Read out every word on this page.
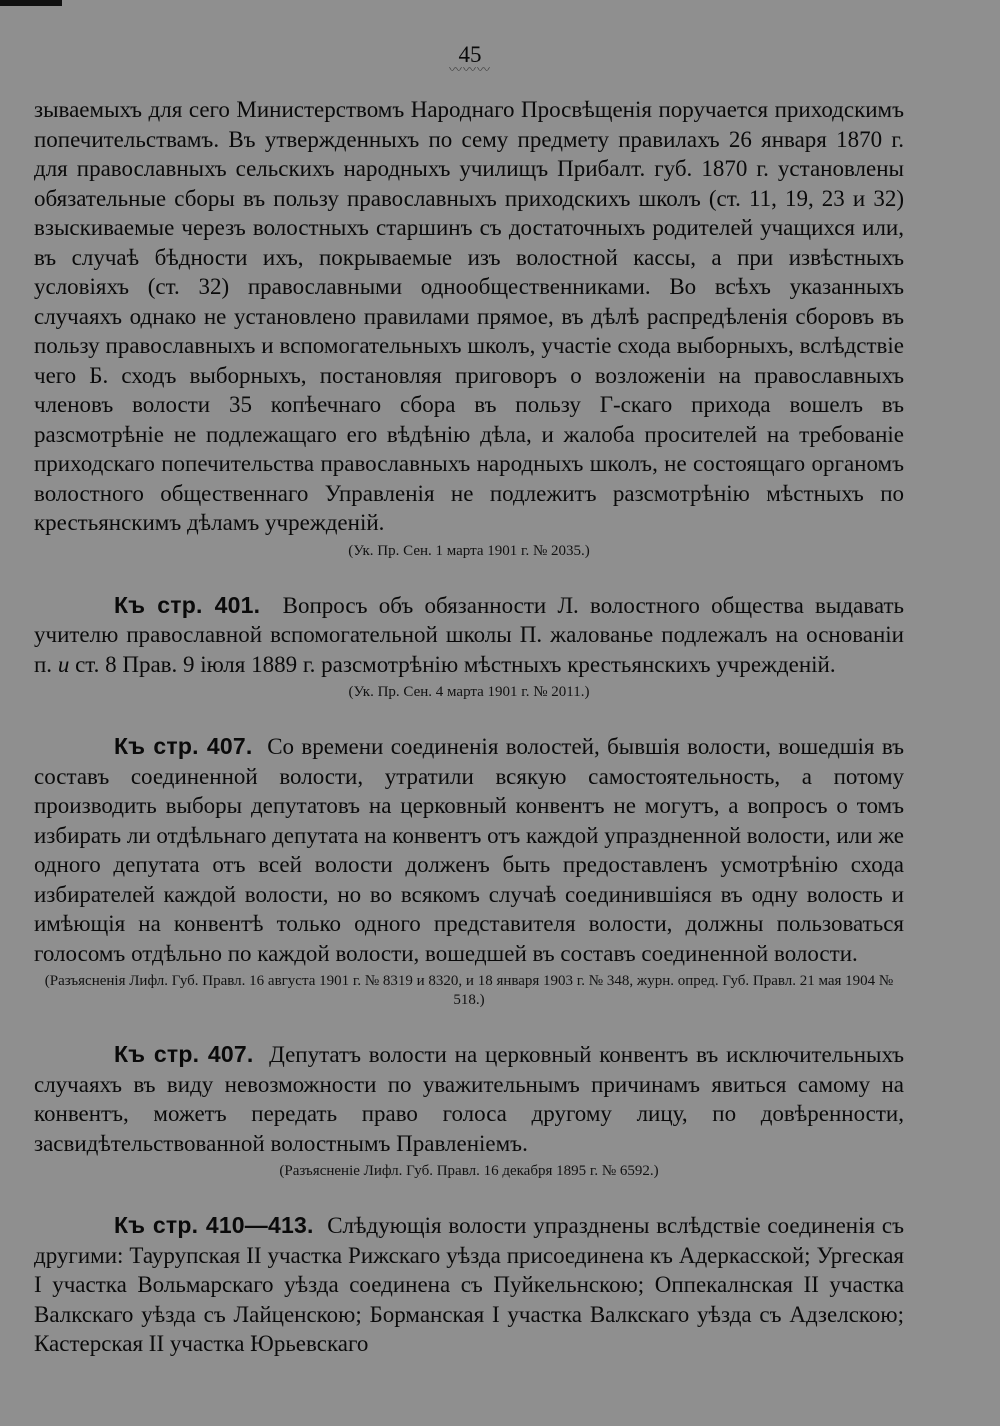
45
〰〰〰

зываемыхъ для сего Министерствомъ Народнаго Просвѣщенія поручается приходскимъ попечительствамъ. Въ утвержденныхъ по сему предмету правилахъ 26 января 1870 г. для православныхъ сельскихъ народныхъ училищъ Прибалт. губ. 1870 г. установлены обязательные сборы въ пользу православныхъ приходскихъ школъ (ст. 11, 19, 23 и 32) взыскиваемые черезъ волостныхъ старшинъ съ достаточныхъ родителей учащихся или, въ случаѣ бѣдности ихъ, покрываемые изъ волостной кассы, а при извѣстныхъ условіяхъ (ст. 32) православными однообщественниками. Во всѣхъ указанныхъ случаяхъ однако не установлено правилами прямое, въ дѣлѣ распредѣленія сборовъ въ пользу православныхъ и вспомогательныхъ школъ, участіе схода выборныхъ, вслѣдствіе чего Б. сходъ выборныхъ, постановляя приговоръ о возложеніи на православныхъ членовъ волости 35 копѣечнаго сбора въ пользу Г-скаго прихода вошелъ въ разсмотрѣніе не подлежащаго его вѣдѣнію дѣла, и жалоба просителей на требованіе приходскаго попечительства православныхъ народныхъ школъ, не состоящаго органомъ волостного общественнаго Управленія не подлежитъ разсмотрѣнію мѣстныхъ по крестьянскимъ дѣламъ учрежденій.

(Ук. Пр. Сен. 1 марта 1901 г. № 2035.)

Къ стр. 401. Вопросъ объ обязанности Л. волостного общества выдавать учителю православной вспомогательной школы П. жалованье подлежалъ на основаніи п. и ст. 8 Прав. 9 іюля 1889 г. разсмотрѣнію мѣстныхъ крестьянскихъ учрежденій.

(Ук. Пр. Сен. 4 марта 1901 г. № 2011.)

Къ стр. 407. Со времени соединенія волостей, бывшія волости, вошедшія въ составъ соединенной волости, утратили всякую самостоятельность, а потому производить выборы депутатовъ на церковный конвентъ не могутъ, а вопросъ о томъ избирать ли отдѣльнаго депутата на конвентъ отъ каждой упраздненной волости, или же одного депутата отъ всей волости долженъ быть предоставленъ усмотрѣнію схода избирателей каждой волости, но во всякомъ случаѣ соединившіяся въ одну волость и имѣющія на конвентѣ только одного представителя волости, должны пользоваться голосомъ отдѣльно по каждой волости, вошедшей въ составъ соединенной волости.

(Разъясненія Лифл. Губ. Правл. 16 августа 1901 г. № 8319 и 8320, и 18 января 1903 г. № 348, журн. опред. Губ. Правл. 21 мая 1904 № 518.)

Къ стр. 407. Депутатъ волости на церковный конвентъ въ исключительныхъ случаяхъ въ виду невозможности по уважительнымъ причинамъ явиться самому на конвентъ, можетъ передать право голоса другому лицу, по довѣренности, засвидѣтельствованной волостнымъ Правленіемъ.

(Разъясненіе Лифл. Губ. Правл. 16 декабря 1895 г. № 6592.)

Къ стр. 410—413. Слѣдующія волости упразднены вслѣдствіе соединенія съ другими: Таурупская II участка Рижскаго уѣзда присоединена къ Адеркасской; Ургеская I участка Вольмарскаго уѣзда соединена съ Пуйкельнскою; Оппекалнская II участка Валкскаго уѣзда съ Лайценскою; Борманская I участка Валкскаго уѣзда съ Адзелскою; Кастерская II участка Юрьевскаго
